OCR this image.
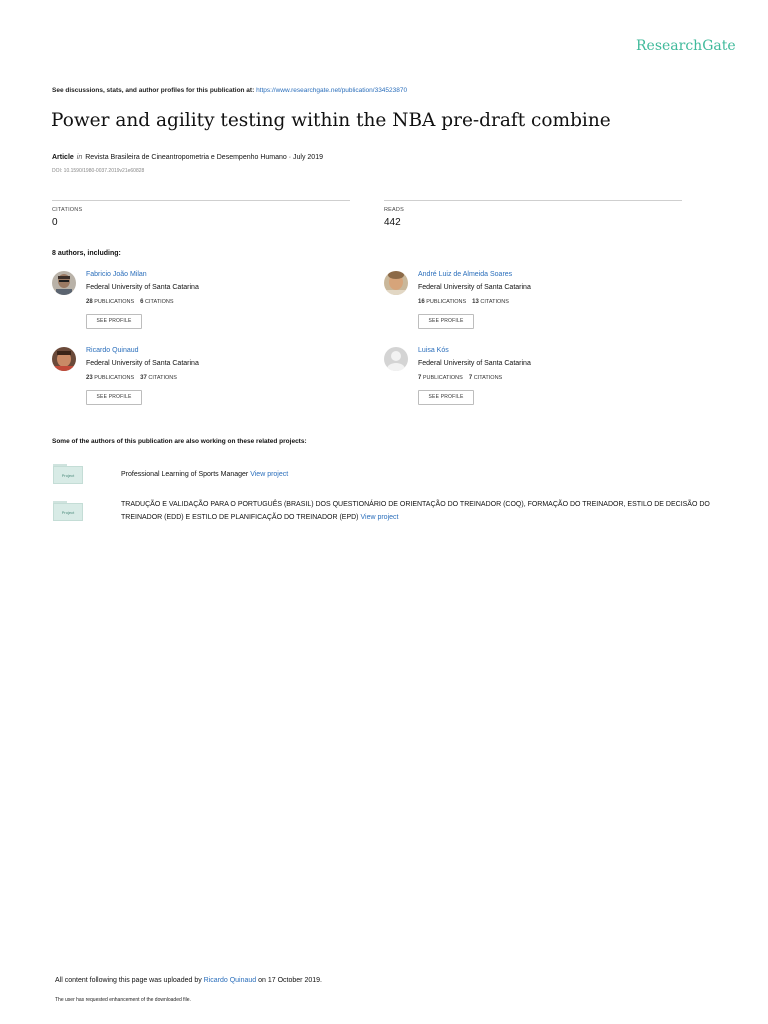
ResearchGate
See discussions, stats, and author profiles for this publication at: https://www.researchgate.net/publication/334523870
Power and agility testing within the NBA pre-draft combine
Article in Revista Brasileira de Cineantropometria e Desempenho Humano · July 2019
DOI: 10.1590/1980-0037.2019v21e60828
CITATIONS
0
READS
442
8 authors, including:
Fabricio João Milan
Federal University of Santa Catarina
28 PUBLICATIONS 6 CITATIONS
SEE PROFILE
André Luiz de Almeida Soares
Federal University of Santa Catarina
16 PUBLICATIONS 13 CITATIONS
SEE PROFILE
Ricardo Quinaud
Federal University of Santa Catarina
23 PUBLICATIONS 37 CITATIONS
SEE PROFILE
Luisa Kós
Federal University of Santa Catarina
7 PUBLICATIONS 7 CITATIONS
SEE PROFILE
Some of the authors of this publication are also working on these related projects:
Project	Professional Learning of Sports Manager View project
Project
TRADUÇÃO E VALIDAÇÃO PARA O PORTUGUÊS (BRASIL) DOS QUESTIONÁRIO DE ORIENTAÇÃO DO TREINADOR (COQ), FORMAÇÃO DO TREINADOR, ESTILO DE DECISÃO DO TREINADOR (EDD) E ESTILO DE PLANIFICAÇÃO DO TREINADOR (EPD) View project
All content following this page was uploaded by Ricardo Quinaud on 17 October 2019.
The user has requested enhancement of the downloaded file.
